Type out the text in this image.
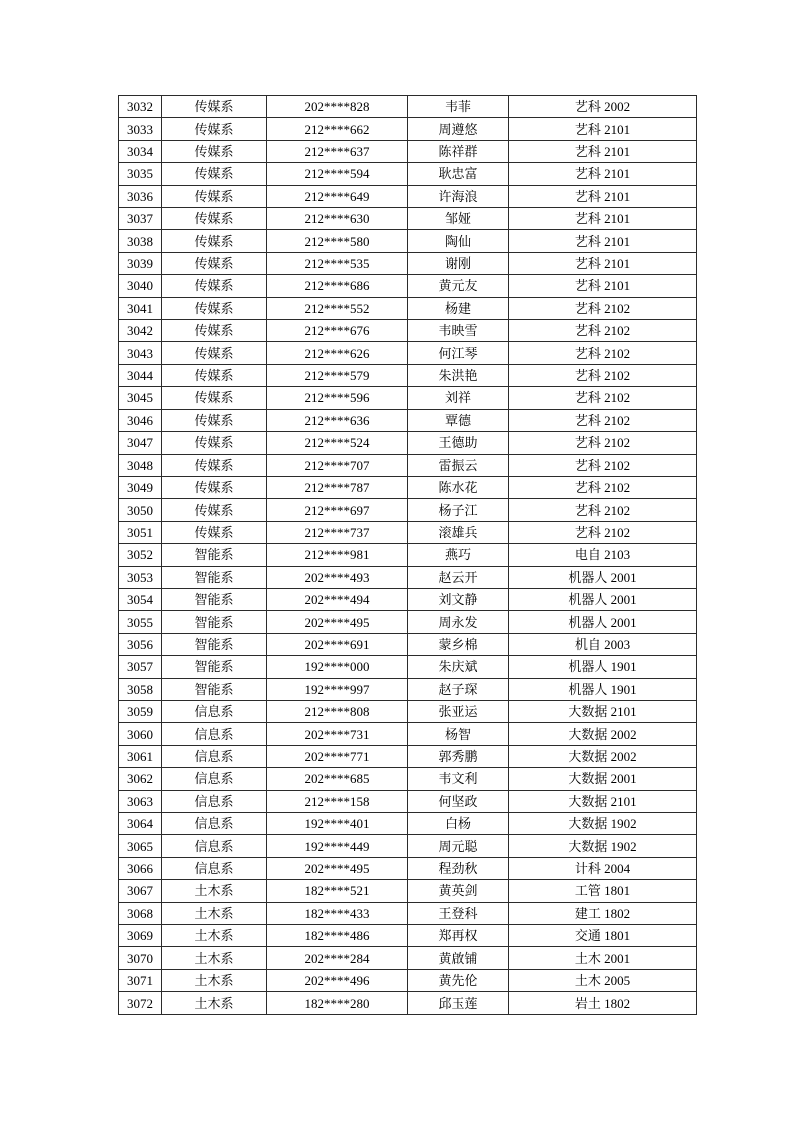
3032	传媒系	202****828	韦菲	艺科 2002
3033	传媒系	212****662	周遵悠	艺科 2101
3034	传媒系	212****637	陈祥群	艺科 2101
3035	传媒系	212****594	耿忠富	艺科 2101
3036	传媒系	212****649	许海浪	艺科 2101
3037	传媒系	212****630	邹娅	艺科 2101
3038	传媒系	212****580	陶仙	艺科 2101
3039	传媒系	212****535	谢刚	艺科 2101
3040	传媒系	212****686	黄元友	艺科 2101
3041	传媒系	212****552	杨建	艺科 2102
3042	传媒系	212****676	韦映雪	艺科 2102
3043	传媒系	212****626	何江琴	艺科 2102
3044	传媒系	212****579	朱洪艳	艺科 2102
3045	传媒系	212****596	刘祥	艺科 2102
3046	传媒系	212****636	覃德	艺科 2102
3047	传媒系	212****524	王德助	艺科 2102
3048	传媒系	212****707	雷振云	艺科 2102
3049	传媒系	212****787	陈水花	艺科 2102
3050	传媒系	212****697	杨子江	艺科 2102
3051	传媒系	212****737	滚雄兵	艺科 2102
3052	智能系	212****981	燕巧	电自 2103
3053	智能系	202****493	赵云开	机器人 2001
3054	智能系	202****494	刘文静	机器人 2001
3055	智能系	202****495	周永发	机器人 2001
3056	智能系	202****691	蒙乡棉	机自 2003
3057	智能系	192****000	朱庆斌	机器人 1901
3058	智能系	192****997	赵子琛	机器人 1901
3059	信息系	212****808	张亚运	大数据 2101
3060	信息系	202****731	杨智	大数据 2002
3061	信息系	202****771	郭秀鹏	大数据 2002
3062	信息系	202****685	韦文利	大数据 2001
3063	信息系	212****158	何坚政	大数据 2101
3064	信息系	192****401	白杨	大数据 1902
3065	信息系	192****449	周元聪	大数据 1902
3066	信息系	202****495	程劲秋	计科 2004
3067	土木系	182****521	黄英剑	工管 1801
3068	土木系	182****433	王登科	建工 1802
3069	土木系	182****486	郑再权	交通 1801
3070	土木系	202****284	黄啟铺	土木 2001
3071	土木系	202****496	黄先伦	土木 2005
3072	土木系	182****280	邱玉莲	岩土 1802
